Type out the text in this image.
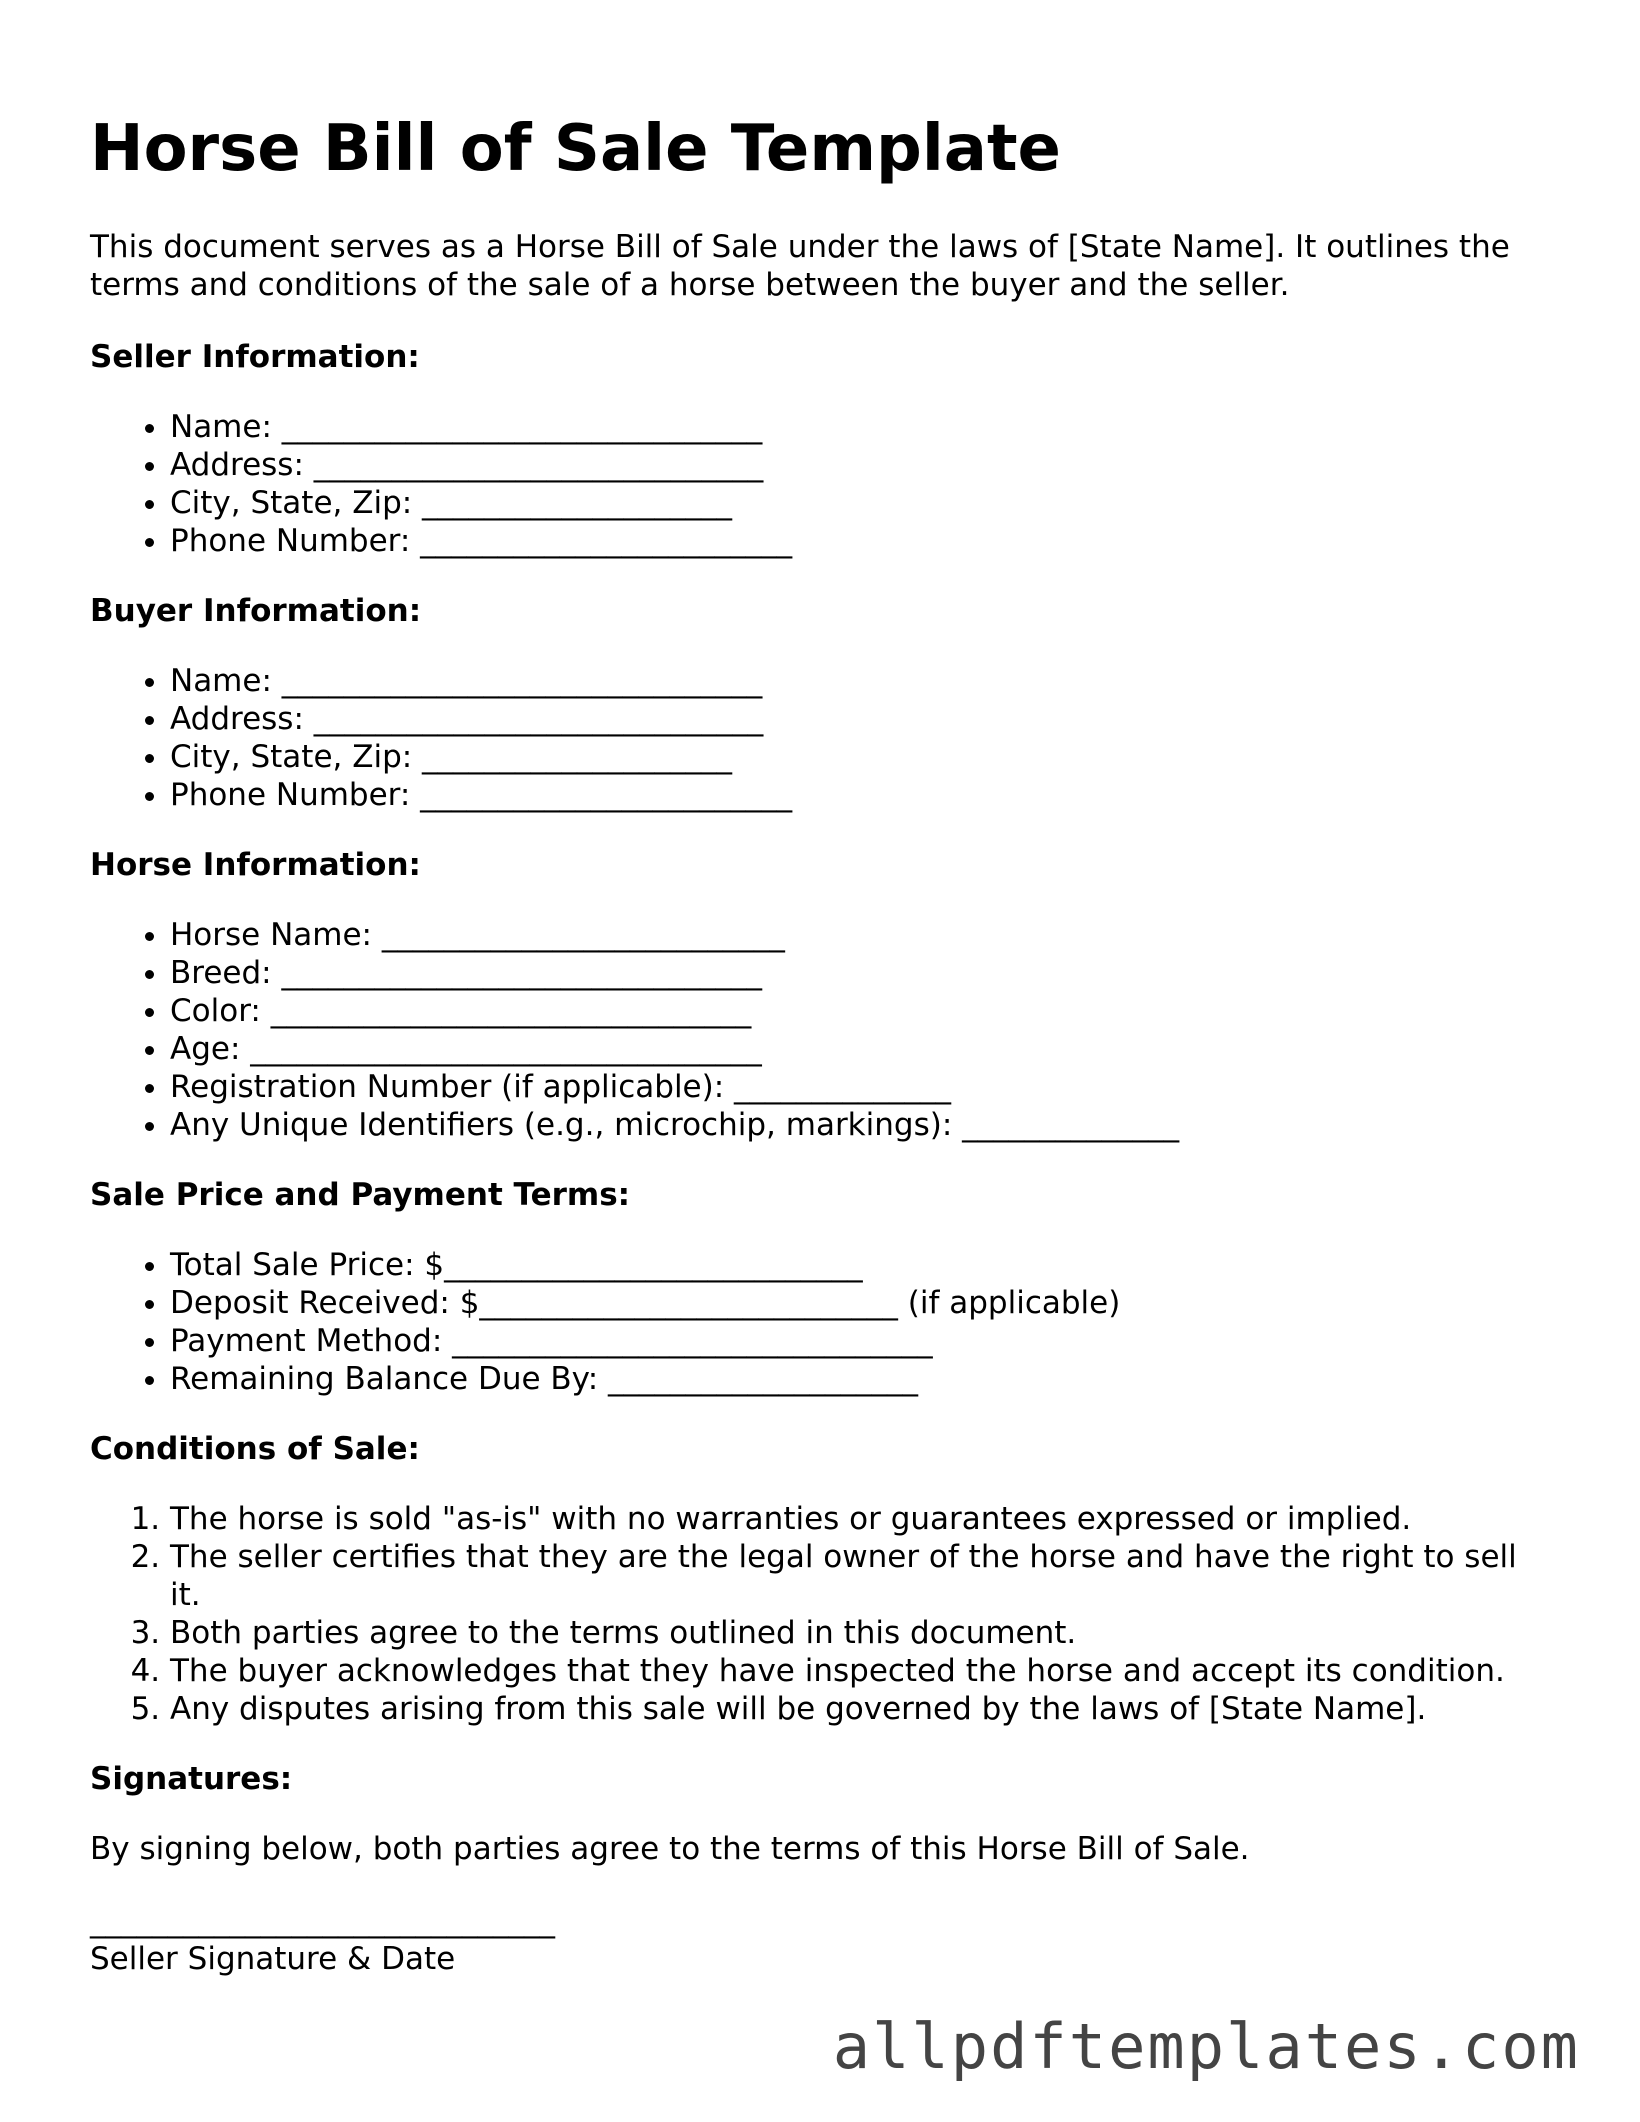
Horse Bill of Sale Template

This document serves as a Horse Bill of Sale under the laws of [State Name]. It outlines the terms and conditions of the sale of a horse between the buyer and the seller.

Seller Information:
• Name: _______________________________
• Address: _____________________________
• City, State, Zip: ____________________
• Phone Number: ________________________
Buyer Information:
• Name: _______________________________
• Address: _____________________________
• City, State, Zip: ____________________
• Phone Number: ________________________
Horse Information:
• Horse Name: __________________________
• Breed: _______________________________
• Color: _______________________________
• Age: _________________________________
• Registration Number (if applicable): ______________
• Any Unique Identifiers (e.g., microchip, markings): ______________
Sale Price and Payment Terms:
• Total Sale Price: $___________________________
• Deposit Received: $___________________________ (if applicable)
• Payment Method: _______________________________
• Remaining Balance Due By: ____________________
Conditions of Sale:
1. The horse is sold "as-is" with no warranties or guarantees expressed or implied.
2. The seller certifies that they are the legal owner of the horse and have the right to sell it.
3. Both parties agree to the terms outlined in this document.
4. The buyer acknowledges that they have inspected the horse and accept its condition.
5. Any disputes arising from this sale will be governed by the laws of [State Name].
Signatures:

By signing below, both parties agree to the terms of this Horse Bill of Sale.

______________________________

Seller Signature & Date

allpdftemplates.com
